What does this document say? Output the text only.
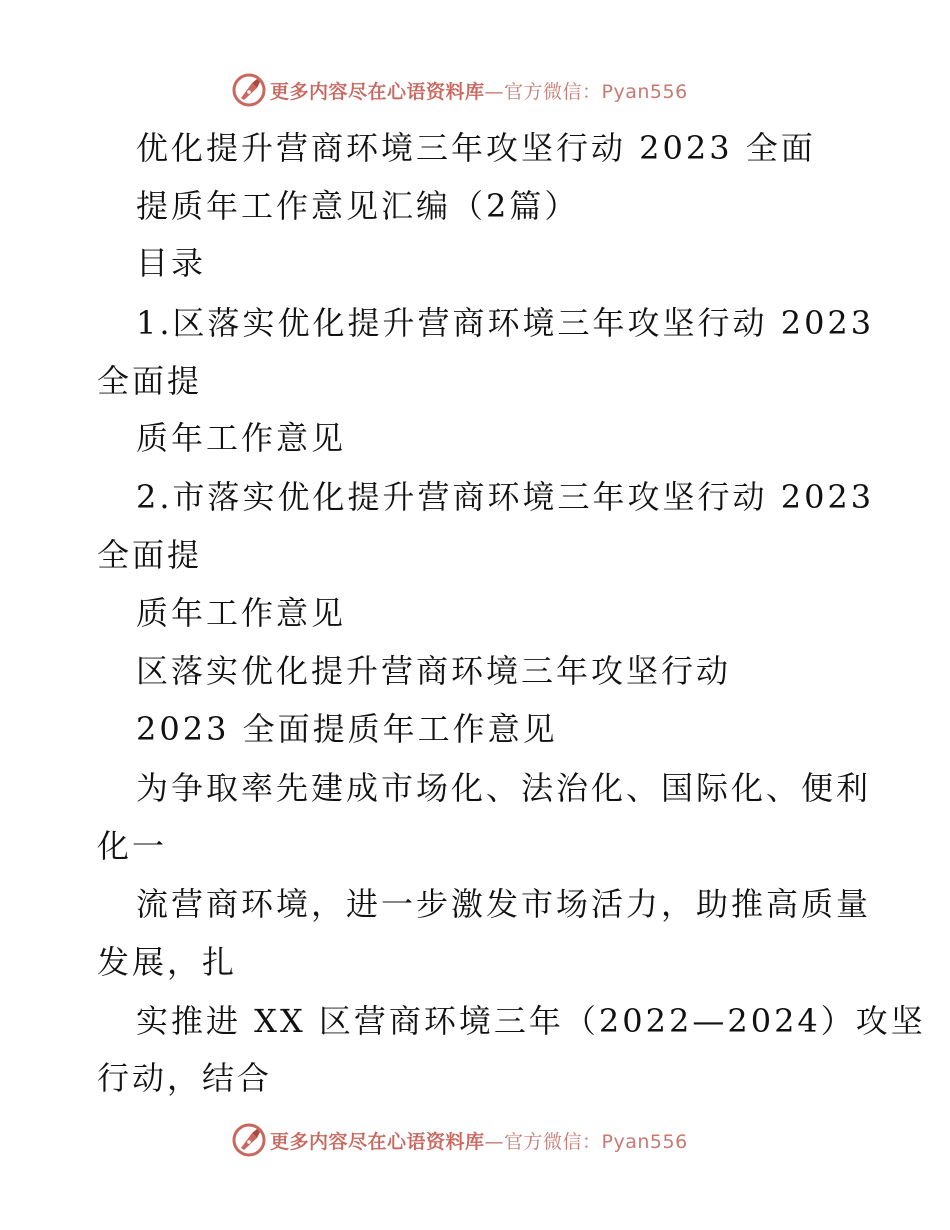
更多内容尽在心语资料库—官方微信：Pyan556
优化提升营商环境三年攻坚行动 2023 全面
提质年工作意见汇编（2篇）
目录
1.区落实优化提升营商环境三年攻坚行动 2023
全面提
质年工作意见
2.市落实优化提升营商环境三年攻坚行动 2023
全面提
质年工作意见
区落实优化提升营商环境三年攻坚行动
2023 全面提质年工作意见
为争取率先建成市场化、法治化、国际化、便利
化一
流营商环境，进一步激发市场活力，助推高质量
发展，扎
实推进 XX 区营商环境三年（2022—2024）攻坚
行动，结合
更多内容尽在心语资料库—官方微信：Pyan556
